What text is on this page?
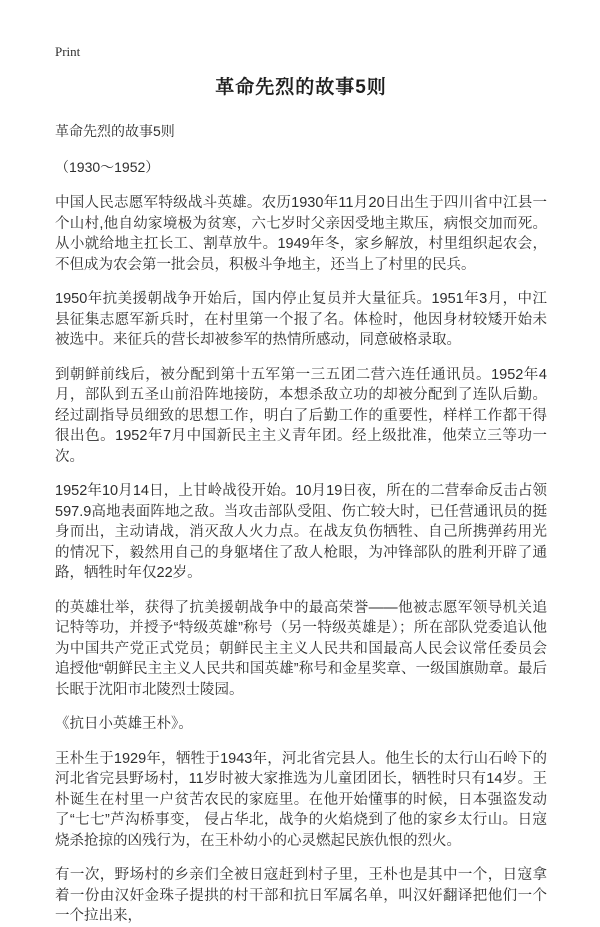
Print
革命先烈的故事5则
革命先烈的故事5则
（1930～1952）

中国人民志愿军特级战斗英雄。农历1930年11月20日出生于四川省中江县一个山村,他自幼家境极为贫寒，六七岁时父亲因受地主欺压，病恨交加而死。从小就给地主扛长工、割草放牛。1949年冬，家乡解放，村里组织起农会，不但成为农会第一批会员，积极斗争地主，还当上了村里的民兵。

1950年抗美援朝战争开始后，国内停止复员并大量征兵。1951年3月，中江县征集志愿军新兵时，在村里第一个报了名。体检时，他因身材较矮开始未被选中。来征兵的营长却被参军的热情所感动，同意破格录取。

到朝鲜前线后，被分配到第十五军第一三五团二营六连任通讯员。1952年4月，部队到五圣山前沿阵地接防，本想杀敌立功的却被分配到了连队后勤。经过副指导员细致的思想工作，明白了后勤工作的重要性，样样工作都干得很出色。1952年7月中国新民主主义青年团。经上级批准，他荣立三等功一次。

1952年10月14日，上甘岭战役开始。10月19日夜，所在的二营奉命反击占领597.9高地表面阵地之敌。当攻击部队受阻、伤亡较大时，已任营通讯员的挺身而出，主动请战，消灭敌人火力点。在战友负伤牺牲、自己所携弹药用光的情况下，毅然用自己的身躯堵住了敌人枪眼，为冲锋部队的胜利开辟了通路，牺牲时年仅22岁。

的英雄壮举，获得了抗美援朝战争中的最高荣誉——他被志愿军领导机关追记特等功，并授予“特级英雄”称号（另一特级英雄是）；所在部队党委追认他为中国共产党正式党员；朝鲜民主主义人民共和国最高人民会议常任委员会追授他“朝鲜民主主义人民共和国英雄”称号和金星奖章、一级国旗勋章。最后长眠于沈阳市北陵烈士陵园。

《抗日小英雄王朴》。

王朴生于1929年，牺牲于1943年，河北省完县人。他生长的太行山石岭下的河北省完县野场村，11岁时被大家推选为儿童团团长，牺牲时只有14岁。王朴诞生在村里一户贫苦农民的家庭里。在他开始懂事的时候，日本强盗发动了“七七”芦沟桥事变， 侵占华北，战争的火焰烧到了他的家乡太行山。日寇烧杀抢掠的凶残行为，在王朴幼小的心灵燃起民族仇恨的烈火。

有一次，野场村的乡亲们全被日寇赶到村子里，王朴也是其中一个，日寇拿着一份由汉奸金珠子提拱的村干部和抗日军属名单，叫汉奸翻译把他们一个一个拉出来，
